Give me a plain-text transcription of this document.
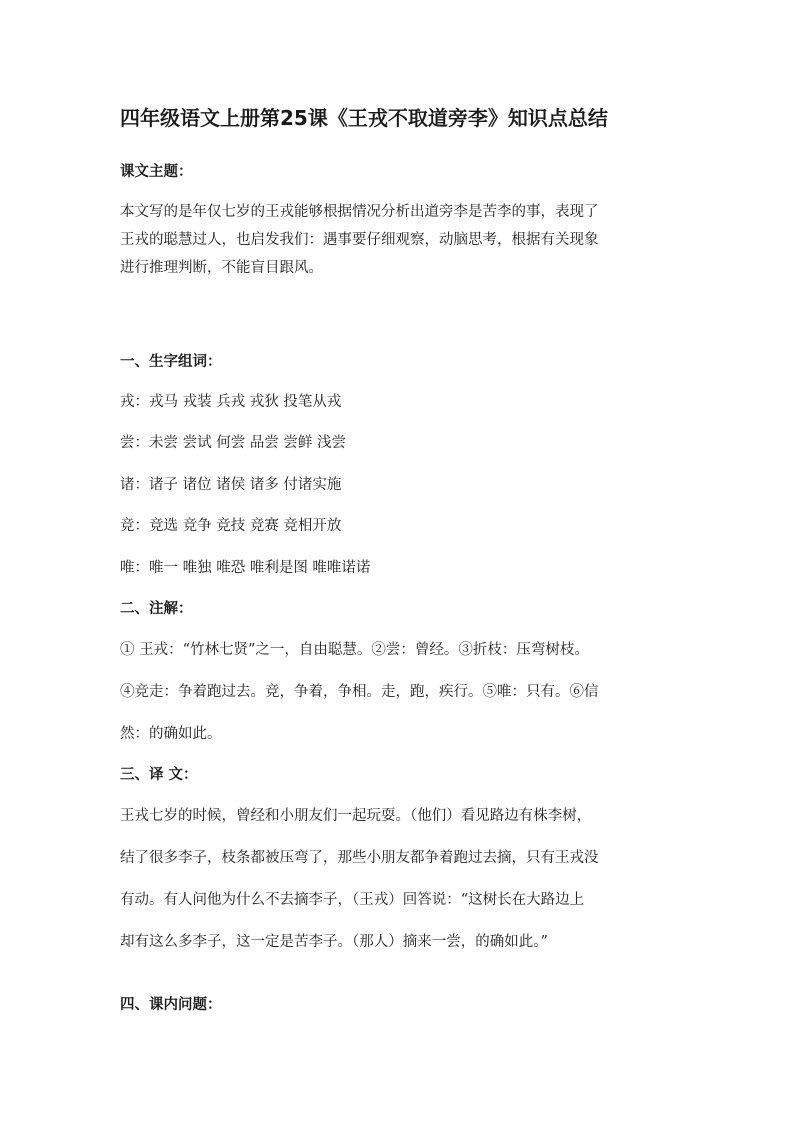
四年级语文上册第25课《王戎不取道旁李》知识点总结
课文主题：
本文写的是年仅七岁的王戎能够根据情况分析出道旁李是苦李的事，表现了
王戎的聪慧过人，也启发我们：遇事要仔细观察，动脑思考，根据有关现象
进行推理判断，不能盲目跟风。
一、生字组词：

戎：戎马 戎装 兵戎 戎狄 投笔从戎

尝：未尝 尝试 何尝 品尝 尝鲜 浅尝

诸：诸子 诸位 诸侯 诸多 付诸实施

竞：竞选 竞争 竞技 竞赛 竞相开放

唯：唯一 唯独 唯恐 唯利是图 唯唯诺诺

二、注解：
① 王戎：“竹林七贤”之一，自由聪慧。②尝：曾经。③折枝：压弯树枝。
④竞走：争着跑过去。竞，争着，争相。走，跑，疾行。⑤唯：只有。⑥信
然：的确如此。
三、译 文：
王戎七岁的时候，曾经和小朋友们一起玩耍。（他们）看见路边有株李树，
结了很多李子，枝条都被压弯了，那些小朋友都争着跑过去摘，只有王戎没
有动。有人问他为什么不去摘李子，（王戎）回答说：“这树长在大路边上
却有这么多李子，这一定是苦李子。（那人）摘来一尝，的确如此。”
四、课内问题：
